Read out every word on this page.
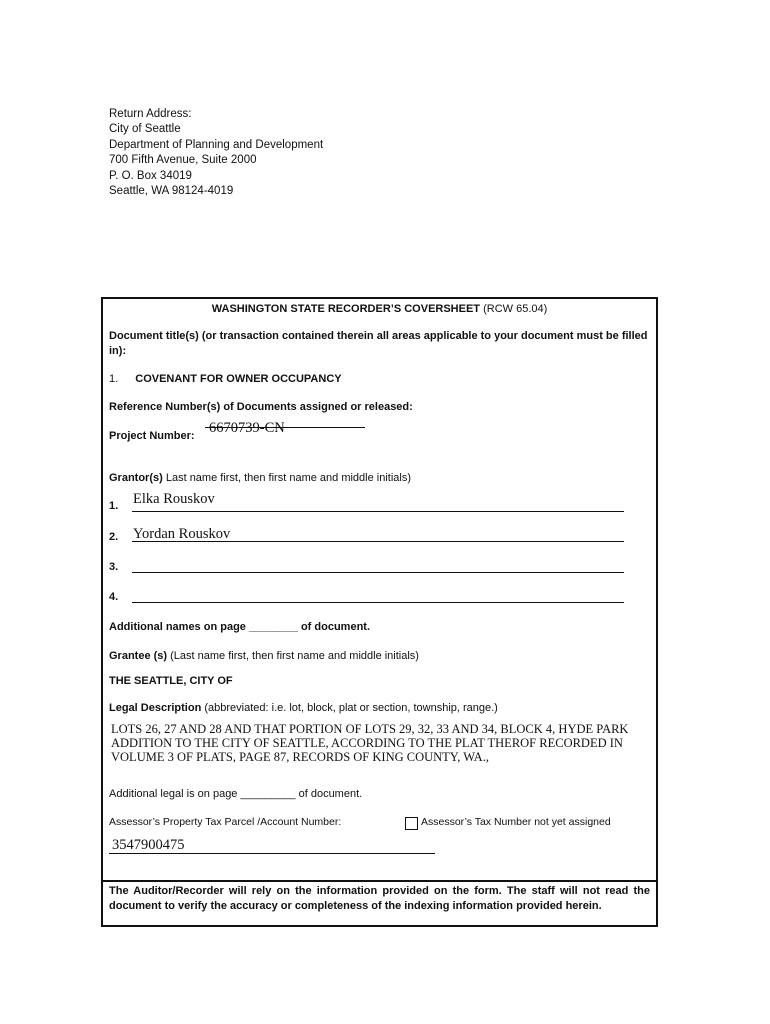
Return Address:
City of Seattle
Department of Planning and Development
700 Fifth Avenue, Suite 2000
P. O. Box 34019
Seattle, WA 98124-4019
WASHINGTON STATE RECORDER’S COVERSHEET (RCW 65.04)
Document title(s) (or transaction contained therein all areas applicable to your document must be filled in):
1. COVENANT FOR OWNER OCCUPANCY
Reference Number(s) of Documents assigned or released:
Project Number: 6670739-CN
Grantor(s) Last name first, then first name and middle initials)
1. Elka Rouskov
2. Yordan Rouskov
3.
4.
Additional names on page ________ of document.
Grantee (s) (Last name first, then first name and middle initials)
THE SEATTLE, CITY OF
Legal Description (abbreviated: i.e. lot, block, plat or section, township, range.)
LOTS 26, 27 AND 28 AND THAT PORTION OF LOTS 29, 32, 33 AND 34, BLOCK 4, HYDE PARK ADDITION TO THE CITY OF SEATTLE, ACCORDING TO THE PLAT THEROF RECORDED IN VOLUME 3 OF PLATS, PAGE 87, RECORDS OF KING COUNTY, WA.,
Additional legal is on page _________ of document.
Assessor’s Property Tax Parcel /Account Number:	Assessor’s Tax Number not yet assigned
3547900475
The Auditor/Recorder will rely on the information provided on the form. The staff will not read the document to verify the accuracy or completeness of the indexing information provided herein.
